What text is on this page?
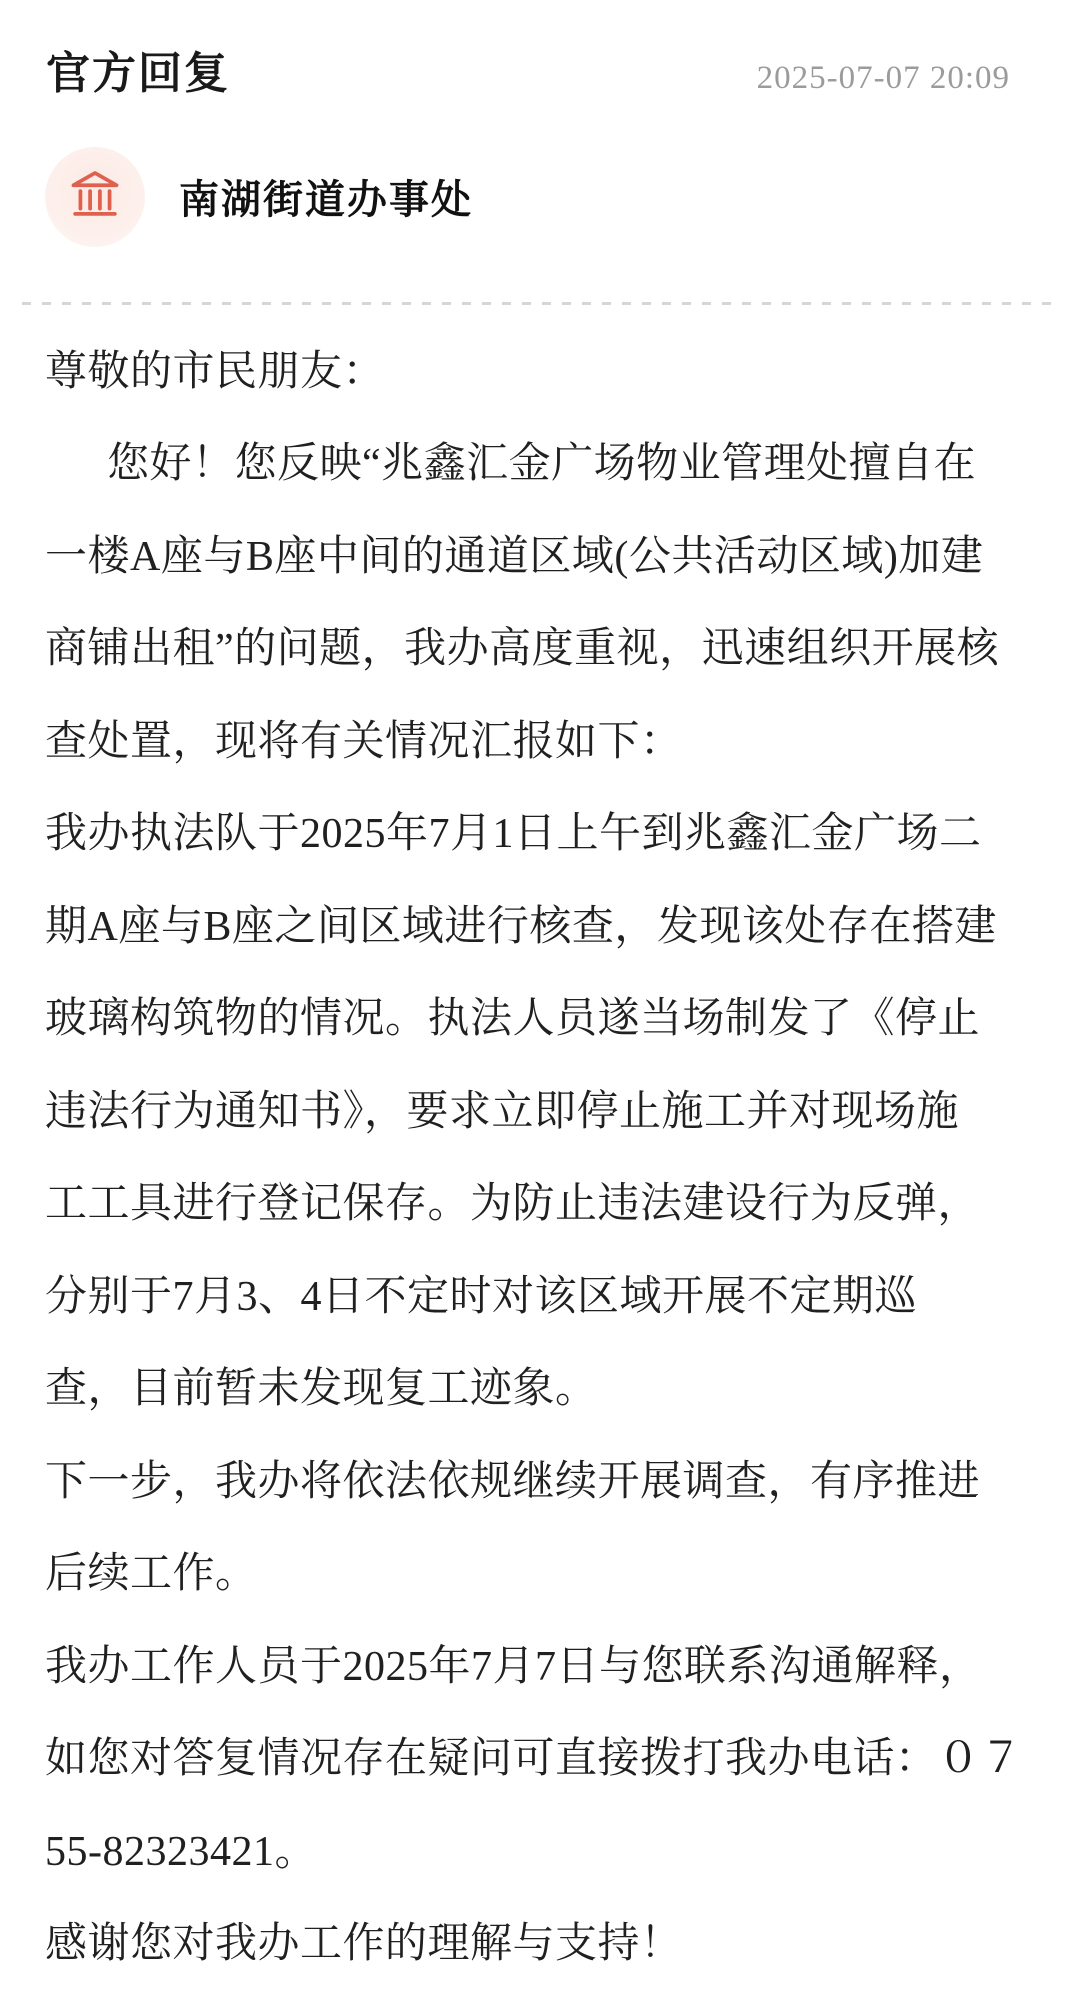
官方回复	2025-07-07 20:09
南湖街道办事处
尊敬的市民朋友：
您好！您反映“兆鑫汇金广场物业管理处擅自在
一楼A座与B座中间的通道区域(公共活动区域)加建
商铺出租”的问题，我办高度重视，迅速组织开展核
查处置，现将有关情况汇报如下：
我办执法队于2025年7月1日上午到兆鑫汇金广场二
期A座与B座之间区域进行核查，发现该处存在搭建
玻璃构筑物的情况。执法人员遂当场制发了《停止
违法行为通知书》，要求立即停止施工并对现场施
工工具进行登记保存。为防止违法建设行为反弹，
分别于7月3、4日不定时对该区域开展不定期巡
查，目前暂未发现复工迹象。
下一步，我办将依法依规继续开展调查，有序推进
后续工作。
我办工作人员于2025年7月7日与您联系沟通解释，
如您对答复情况存在疑问可直接拨打我办电话：０７
55-82323421。
感谢您对我办工作的理解与支持！
